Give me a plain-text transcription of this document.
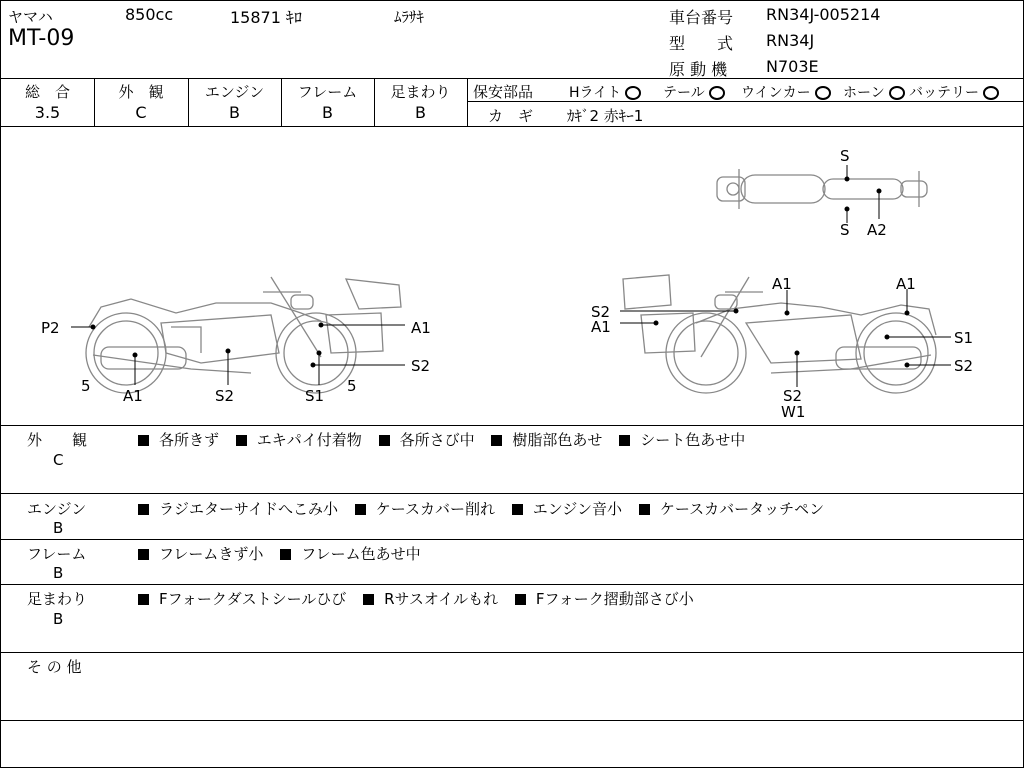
ヤマハ	850cc	15871 ｷﾛ	ﾑﾗｻｷ
MT-09
車台番号 RN34J-005214
型　　式 RN34J
原 動 機 N703E
総　合
3.5
外　観
C
エンジン
B
フレーム
B
足まわり
B
保安部品	Hライト	テール	ウインカー	ホーン	バッテリー
カ　ギ ｶｷﾞ2 赤ｷｰ1
S
S A2
P2	A1
5
A1	S2	S1
5
S2
S2
A1
A1	A1
S1
S2
S2
W1
外　　観
C
各所きず	エキパイ付着物	各所さび中	樹脂部色あせ	シート色あせ中
エンジン
B
ラジエターサイドへこみ小	ケースカバー削れ	エンジン音小	ケースカバータッチペン
フレーム
B
フレームきず小	フレーム色あせ中
足まわり
B
Fフォークダストシールひび	Rサスオイルもれ	Fフォーク摺動部さび小
そ の 他
